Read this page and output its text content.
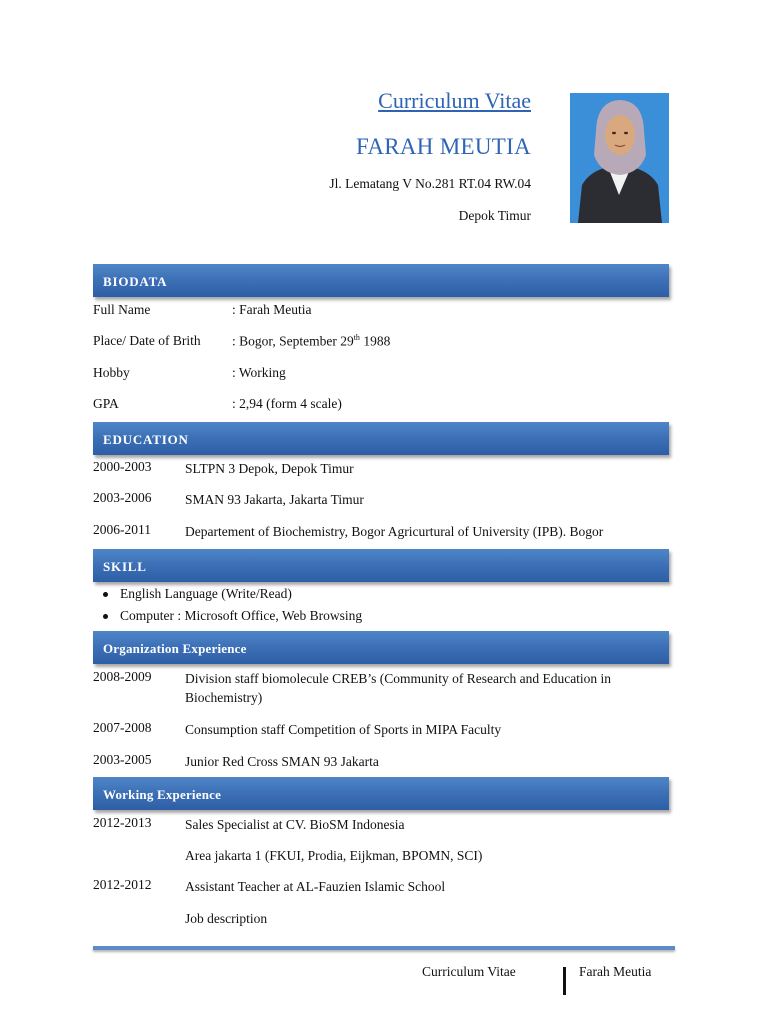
Curriculum Vitae
FARAH MEUTIA
Jl. Lematang V No.281 RT.04 RW.04
Depok Timur
BIODATA
Full Name	: Farah Meutia
Place/ Date of Brith : Bogor, September 29th 1988
Hobby	: Working
GPA	: 2,94 (form 4 scale)
EDUCATION
2000-2003 SLTPN 3 Depok, Depok Timur
2003-2006 SMAN 93 Jakarta, Jakarta Timur
2006-2011	Departement of Biochemistry, Bogor Agricurtural of University (IPB). Bogor
SKILL
English Language (Write/Read)
Computer : Microsoft Office, Web Browsing
Organization Experience
2008-2009 Division staff biomolecule CREB’s (Community of Research and Education in Biochemistry)
2007-2008 Consumption staff Competition of Sports in MIPA Faculty
2003-2005 Junior Red Cross SMAN 93 Jakarta
Working Experience
2012-2013 Sales Specialist at CV. BioSM Indonesia
Area jakarta 1 (FKUI, Prodia, Eijkman, BPOMN, SCI)
2012-2012 Assistant Teacher at AL-Fauzien Islamic School
Job description
Curriculum Vitae	Farah Meutia
